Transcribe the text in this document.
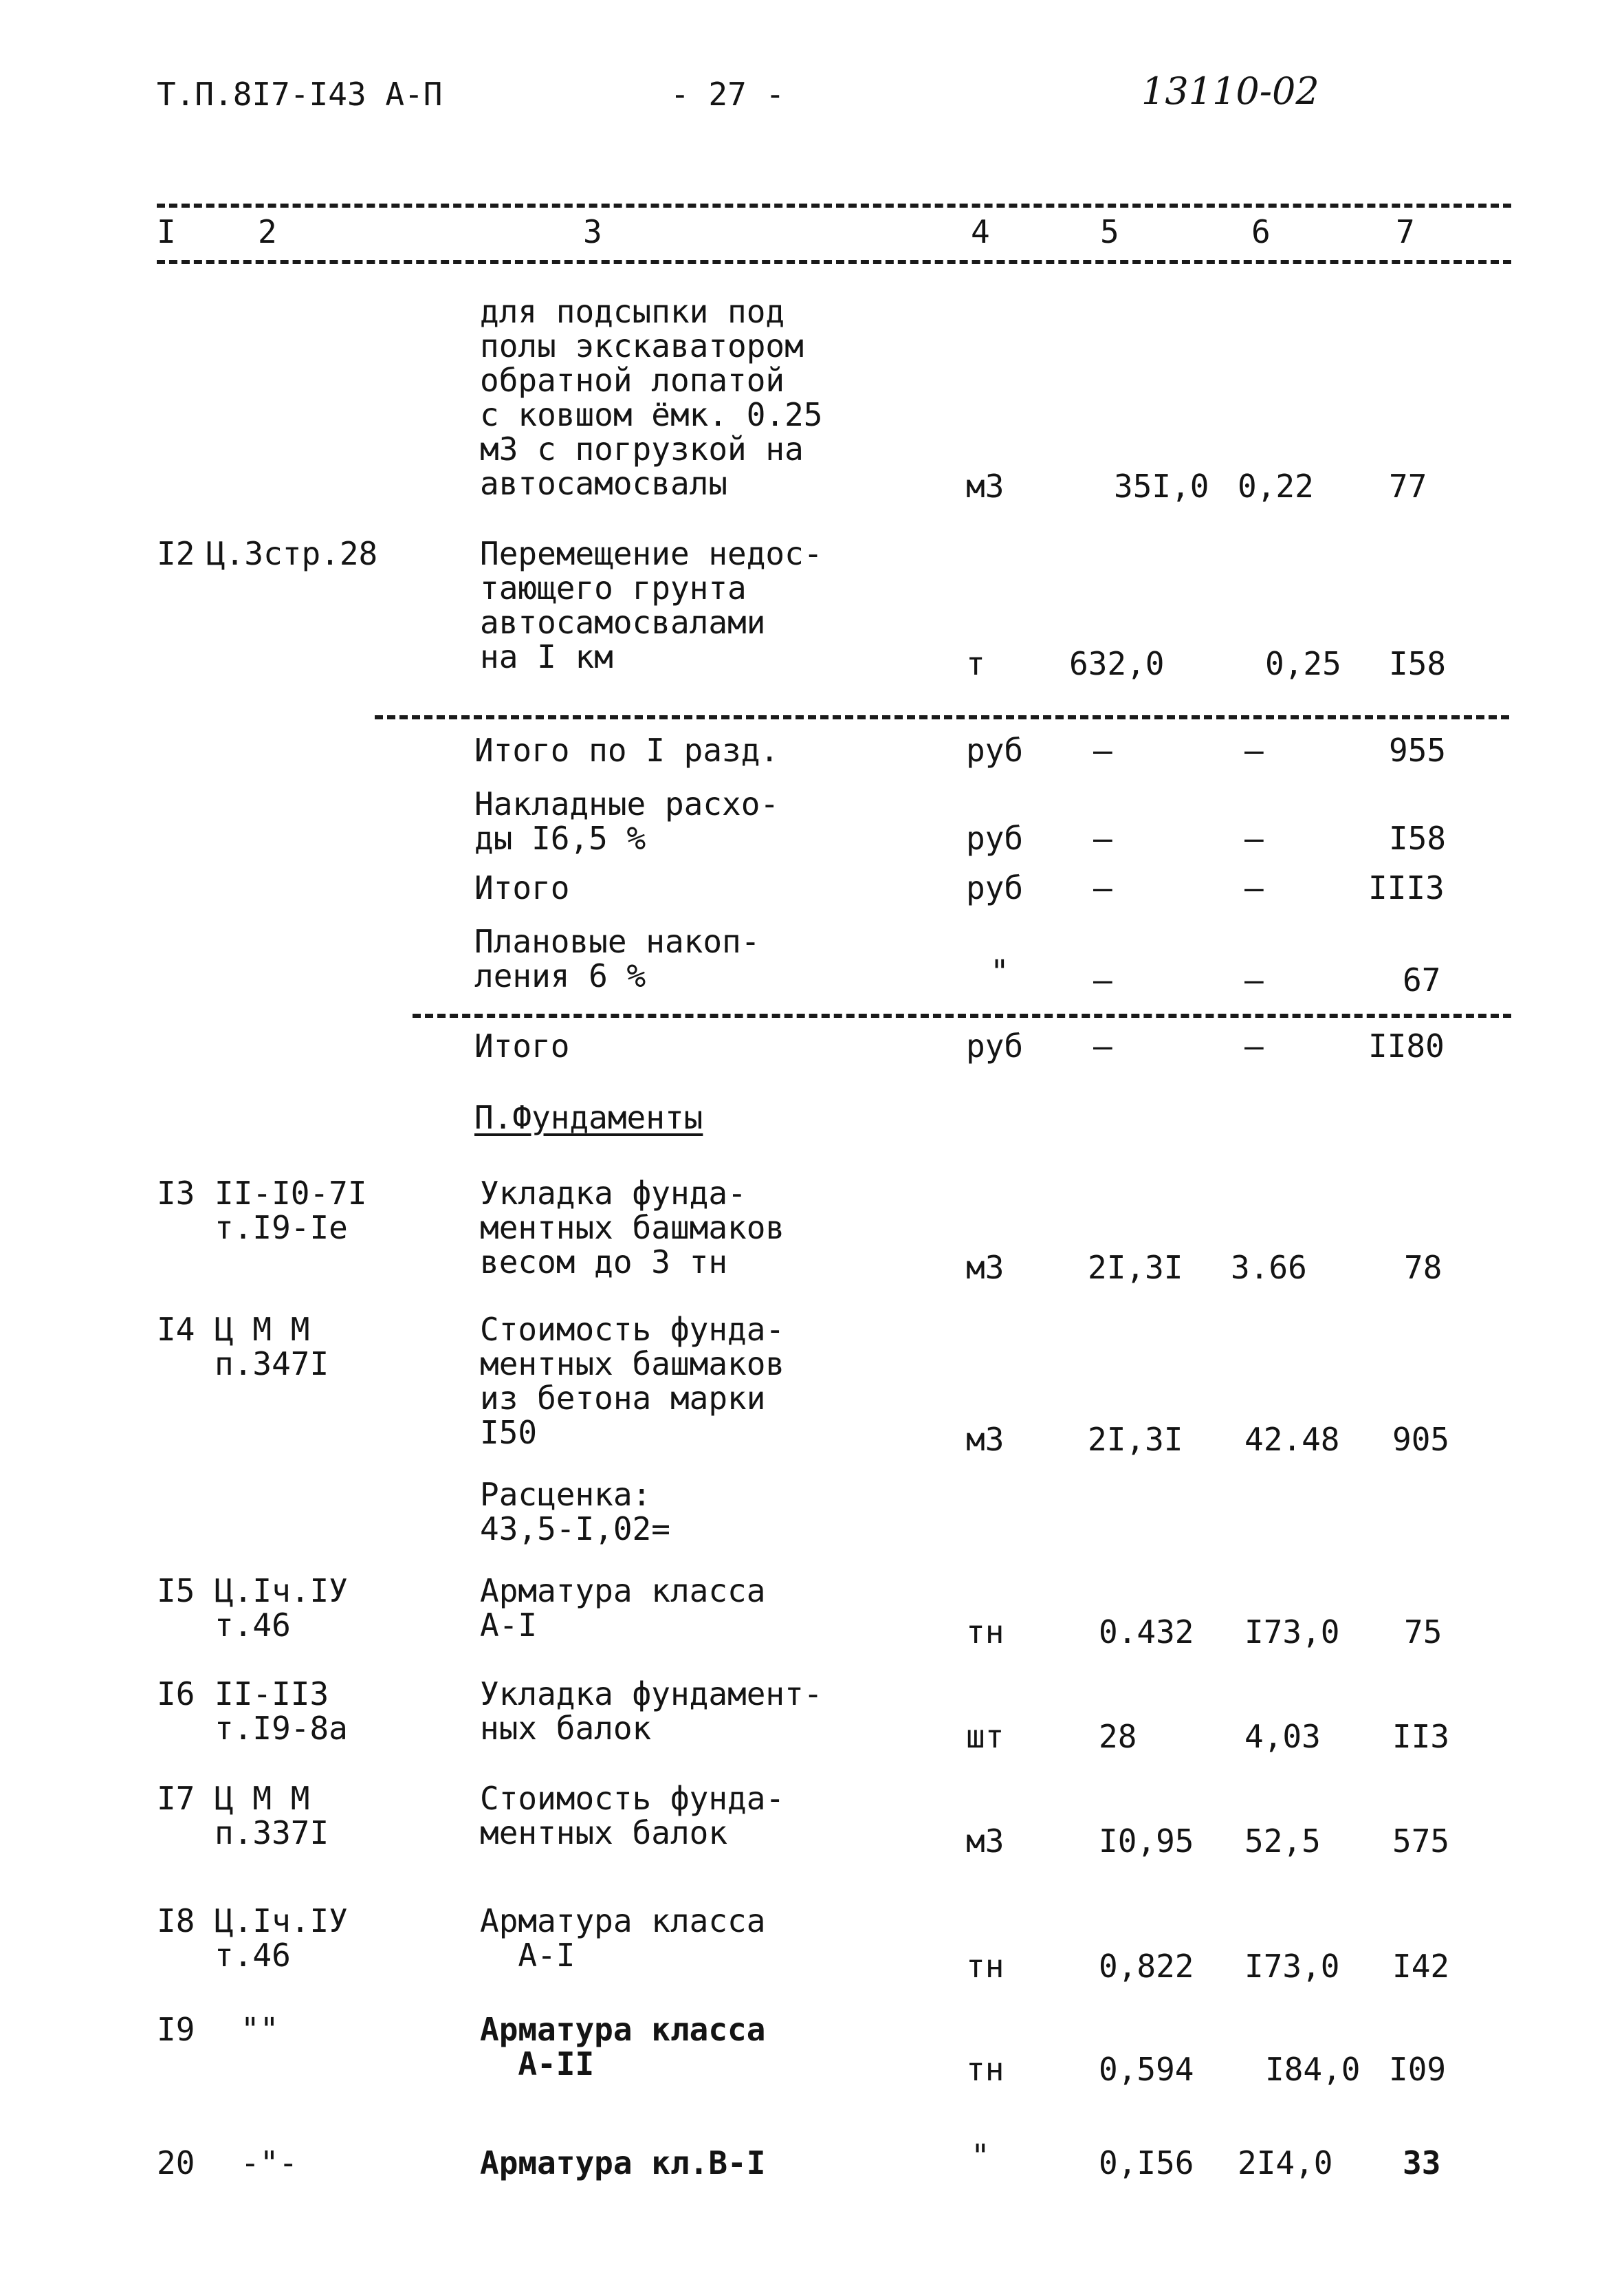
Т.П.8I7-I43 А-П	- 27 -	13110-02
I	2	3	4	5	6	7
для подсыпки под
полы экскаватором
обратной лопатой
с ковшом ёмк. 0.25
м3 с погрузкой на
автосамосвалы	м3	35I,0 0,22 77
I2 Ц.3стр.28	Перемещение недос-
тающего грунта
автосамосвалами
на I км	т	632,0	0,25 I58
Итого по I разд.	руб –	–	955
Накладные расхо-
ды I6,5 %	руб –	–	I58
Итого	руб –	–	III3
Плановые накоп-
ления 6 %	"	–	–	67
Итого	руб –	–	II80
П.Фундаменты
I3 II-I0-7I
т.I9-Iе
Укладка фунда-
ментных башмаков
весом до 3 тн	м3	2I,3I 3.66	78
I4 Ц М М
п.347I
Стоимость фунда-
ментных башмаков
из бетона марки
I50	м3	2I,3I 42.48 905
Расценка:
43,5-I,02=
I5 Ц.Iч.IУ
т.46
Арматура класса
А-I	тн	0.432 I73,0 75
I6 II-II3
т.I9-8а
Укладка фундамент-
ных балок	шт	28	4,03 II3
I7 Ц М М
п.337I
Стоимость фунда-
ментных балок	м3	I0,95 52,5 575
I8 Ц.Iч.IУ
т.46
Арматура класса
А-I	тн	0,822 I73,0 I42
I9 ""	Арматура класса
А-II	тн	0,594 I84,0 I09
20 -"-	Арматура кл.В-I	"	0,I56 2I4,0 33
